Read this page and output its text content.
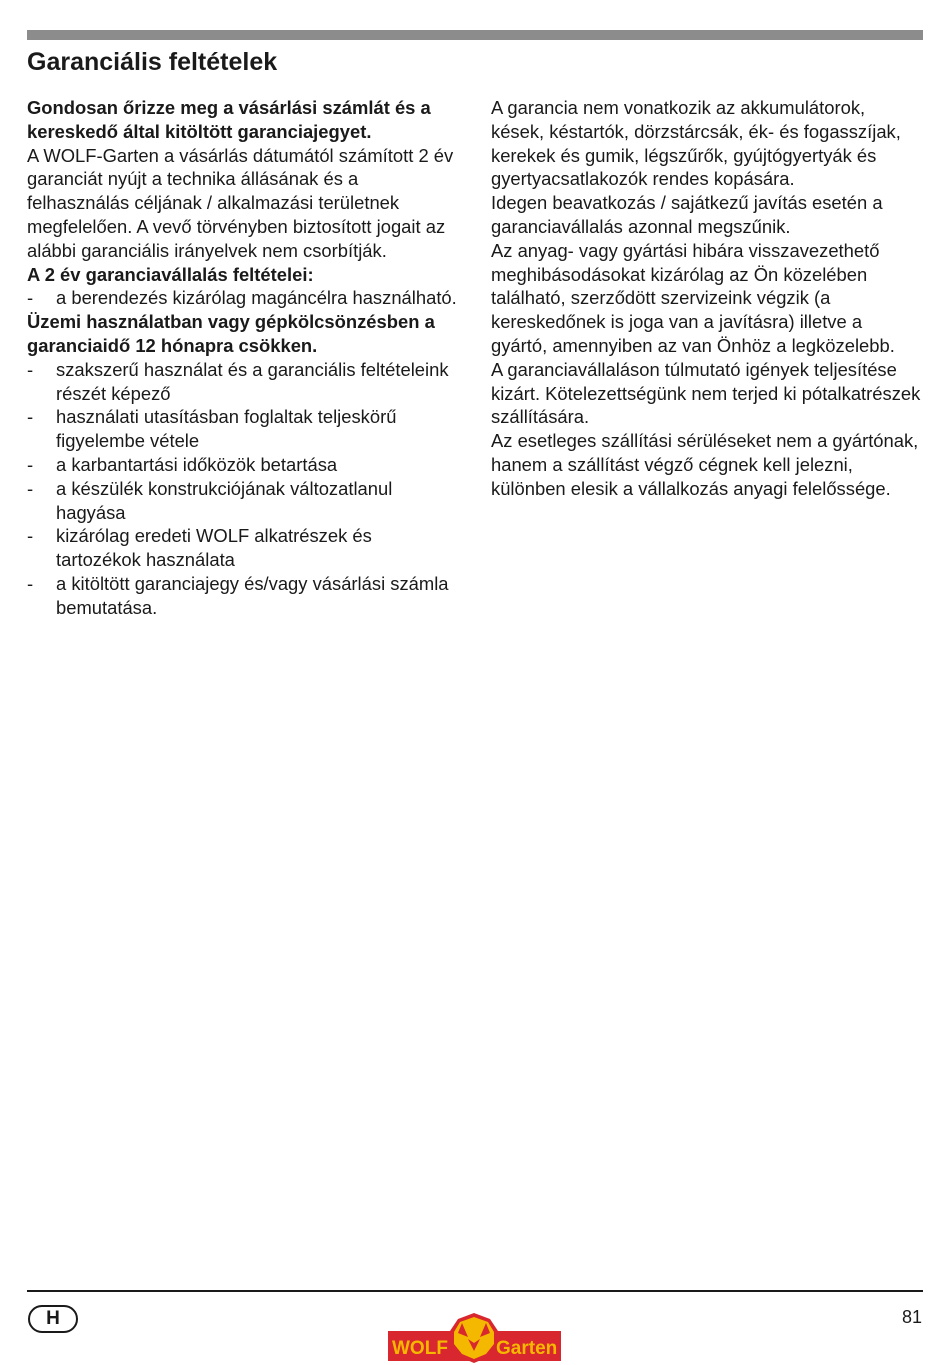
Garanciális feltételek

Gondosan őrizze meg a vásárlási számlát és a kereskedő által kitöltött garanciajegyet.

A WOLF-Garten a vásárlás dátumától számított 2 év garanciát nyújt a technika állásának és a felhasználás céljának / alkalmazási területnek megfelelően. A vevő törvényben biztosított jogait az alábbi garanciális irányelvek nem csorbítják.

A 2 év garanciavállalás feltételei:

- a berendezés kizárólag magáncélra használható.

Üzemi használatban vagy gépkölcsönzésben a garanciaidő 12 hónapra csökken.

- szakszerű használat és a garanciális feltételeink részét képező
- használati utasításban foglaltak teljeskörű figyelembe vétele
- a karbantartási időközök betartása
- a készülék konstrukciójának változatlanul hagyása
- kizárólag eredeti WOLF alkatrészek és tartozékok használata
- a kitöltött garanciajegy és/vagy vásárlási számla bemutatása.

A garancia nem vonatkozik az akkumulátorok, kések, késtartók, dörzstárcsák, ék- és fogasszíjak, kerekek és gumik, légszűrők, gyújtógyertyák és gyertyacsatlakozók rendes kopására.

Idegen beavatkozás / sajátkezű javítás esetén a garanciavállalás azonnal megszűnik.

Az anyag- vagy gyártási hibára visszavezethető meghibásodásokat kizárólag az Ön közelében található, szerződött szervizeink végzik (a kereskedőnek is joga van a javításra) illetve a gyártó, amennyiben az van Önhöz a legközelebb.

A garanciavállaláson túlmutató igények teljesítése kizárt. Kötelezettségünk nem terjed ki pótalkatrészek szállítására.

Az esetleges szállítási sérüléseket nem a gyártónak, hanem a szállítást végző cégnek kell jelezni, különben elesik a vállalkozás anyagi felelőssége.

H	81
WOLF	Garten
